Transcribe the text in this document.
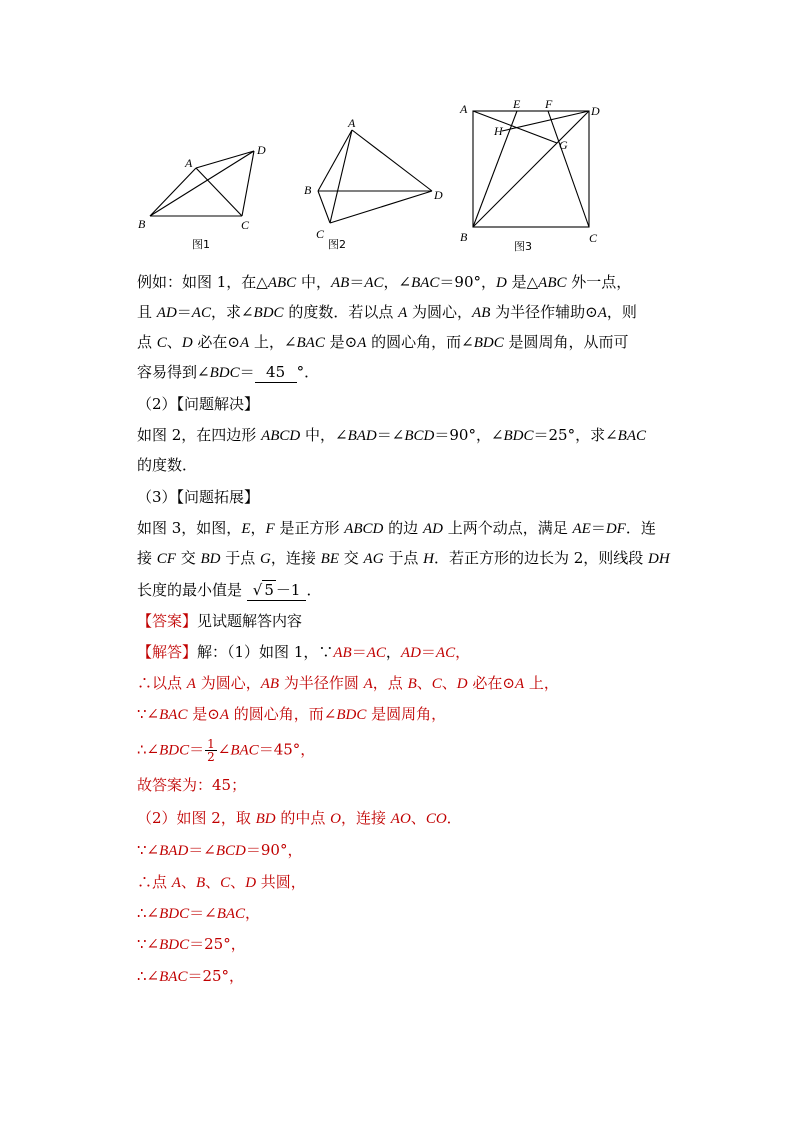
A
B	C
D
图1
A
B
C
D
图2
A
B	C
D
E F
G
H
图3
例如：如图 1，在△ABC 中，AB＝AC，∠BAC＝90°，D 是△ABC 外一点，
且 AD＝AC，求∠BDC 的度数．若以点 A 为圆心，AB 为半径作辅助⊙A，则
点 C、D 必在⊙A 上，∠BAC 是⊙A 的圆心角，而∠BDC 是圆周角，从而可
容易得到∠BDC＝ 45 °．
（2）【问题解决】
如图 2，在四边形 ABCD 中，∠BAD＝∠BCD＝90°，∠BDC＝25°，求∠BAC
的度数．
（3）【问题拓展】
如图 3，如图，E，F 是正方形 ABCD 的边 AD 上两个动点，满足 AE＝DF．连
接 CF 交 BD 于点 G，连接 BE 交 AG 于点 H．若正方形的边长为 2，则线段 DH
长度的最小值是 √ 5 －1 ．
【答案】见试题解答内容
【解答】解：（1）如图 1，∵AB＝AC，AD＝AC，
∴以点 A 为圆心，AB 为半径作圆 A，点 B、C、D 必在⊙A 上，
∵∠BAC 是⊙A 的圆心角，而∠BDC 是圆周角，
∴∠BDC＝ $\frac{1}{2}$ ∠BAC＝45°，
故答案为：45；
（2）如图 2，取 BD 的中点 O，连接 AO、CO．
∵∠BAD＝∠BCD＝90°，
∴点 A、B、C、D 共圆，
∴∠BDC＝∠BAC，
∵∠BDC＝25°，
∴∠BAC＝25°，
